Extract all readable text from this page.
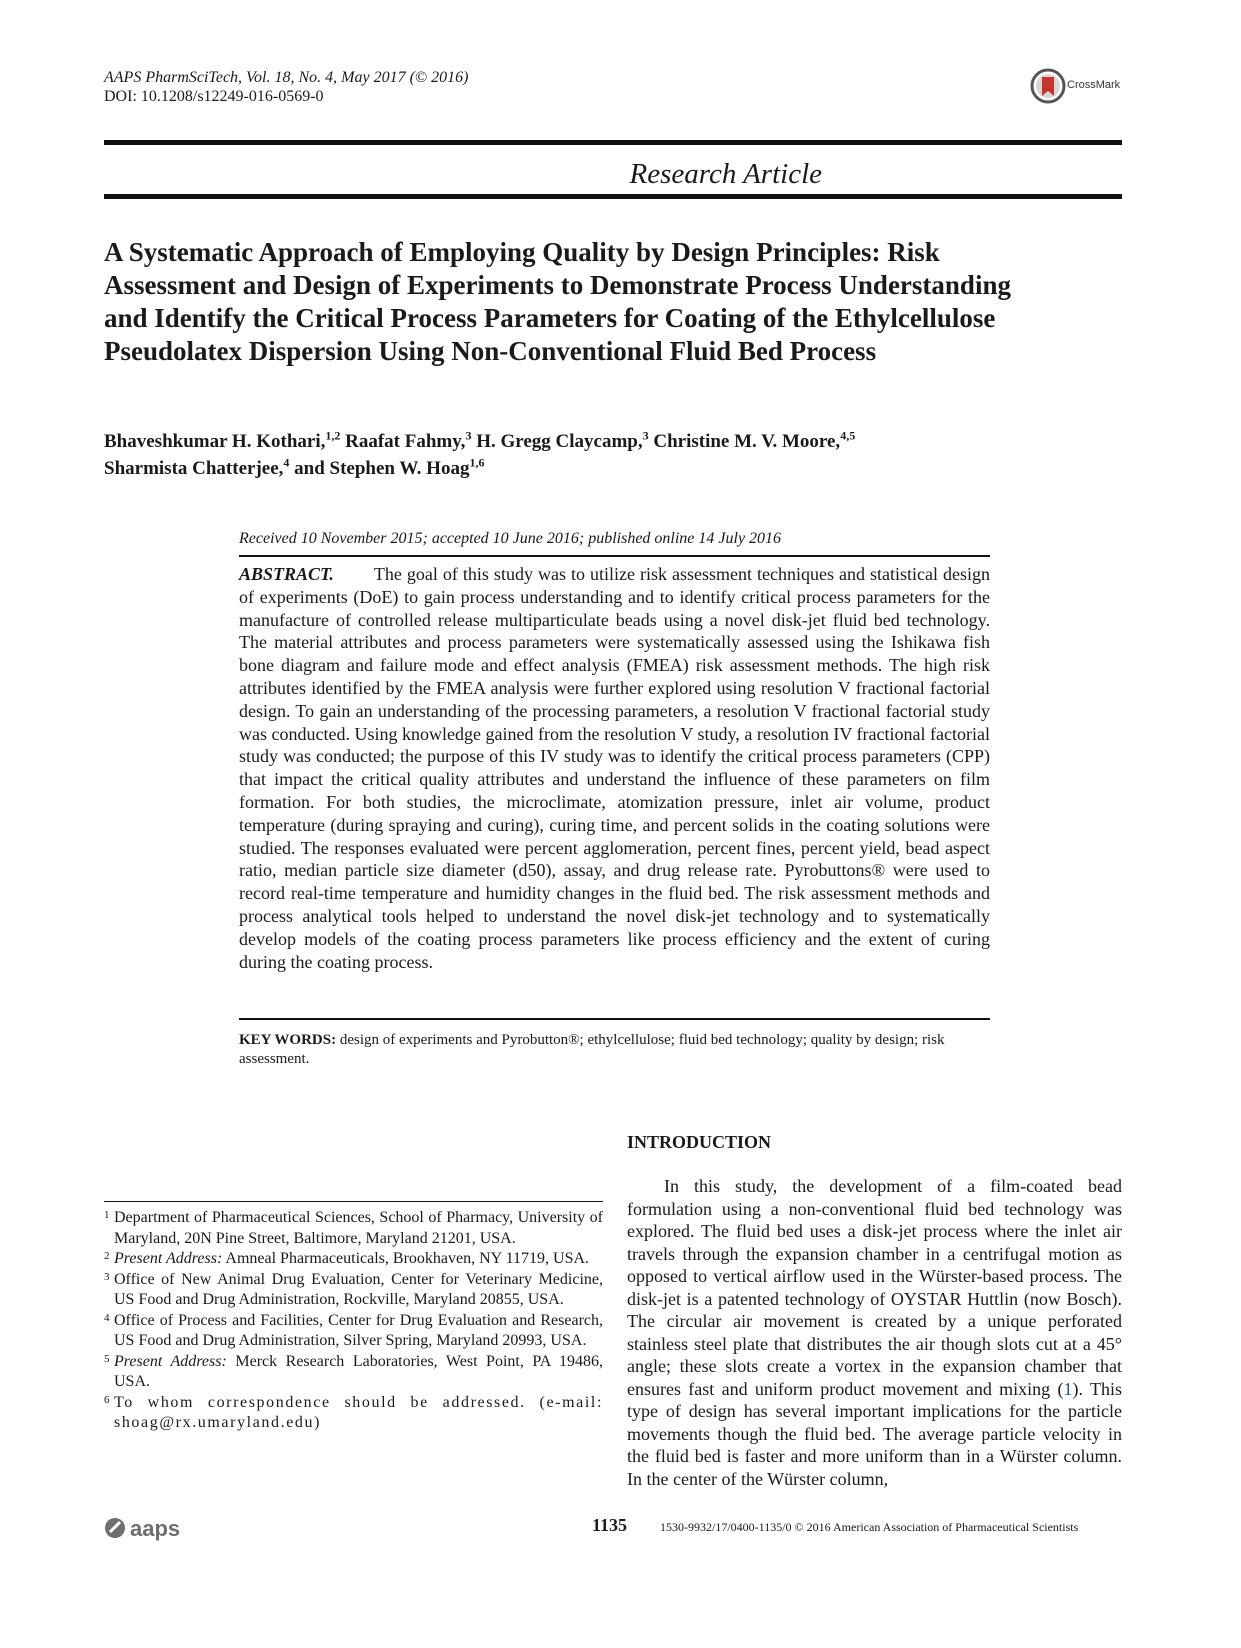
AAPS PharmSciTech, Vol. 18, No. 4, May 2017 (© 2016)
DOI: 10.1208/s12249-016-0569-0
CrossMark
Research Article
A Systematic Approach of Employing Quality by Design Principles: Risk
Assessment and Design of Experiments to Demonstrate Process Understanding
and Identify the Critical Process Parameters for Coating of the Ethylcellulose
Pseudolatex Dispersion Using Non-Conventional Fluid Bed Process
Bhaveshkumar H. Kothari,$^{1,2}$ Raafat Fahmy,$^3$ H. Gregg Claycamp,$^3$ Christine M. V. Moore,$^{4,5}$
Sharmista Chatterjee,$^4$ and Stephen W. Hoag$^{1,6}$
Received 10 November 2015; accepted 10 June 2016; published online 14 July 2016
ABSTRACT. The goal of this study was to utilize risk assessment techniques and statistical design of experiments (DoE) to gain process understanding and to identify critical process parameters for the manufacture of controlled release multiparticulate beads using a novel disk-jet fluid bed technology. The material attributes and process parameters were systematically assessed using the Ishikawa fish bone diagram and failure mode and effect analysis (FMEA) risk assessment methods. The high risk attributes identified by the FMEA analysis were further explored using resolution V fractional factorial design. To gain an understanding of the processing parameters, a resolution V fractional factorial study was conducted. Using knowledge gained from the resolution V study, a resolution IV fractional factorial study was conducted; the purpose of this IV study was to identify the critical process parameters (CPP) that impact the critical quality attributes and understand the influence of these parameters on film formation. For both studies, the microclimate, atomization pressure, inlet air volume, product temperature (during spraying and curing), curing time, and percent solids in the coating solutions were studied. The responses evaluated were percent agglomeration, percent fines, percent yield, bead aspect ratio, median particle size diameter (d50), assay, and drug release rate. Pyrobuttons® were used to record real-time temperature and humidity changes in the fluid bed. The risk assessment methods and process analytical tools helped to understand the novel disk-jet technology and to systematically develop models of the coating process parameters like process efficiency and the extent of curing during the coating process.
KEY WORDS: design of experiments and Pyrobutton®; ethylcellulose; fluid bed technology; quality by design; risk assessment.
INTRODUCTION

In this study, the development of a film-coated bead formulation using a non-conventional fluid bed technology was explored. The fluid bed uses a disk-jet process where the inlet air travels through the expansion chamber in a centrifugal motion as opposed to vertical airflow used in the Würster-based process. The disk-jet is a patented technology of OYSTAR Huttlin (now Bosch). The circular air movement is created by a unique perforated stainless steel plate that distributes the air though slots cut at a 45° angle; these slots create a vortex in the expansion chamber that ensures fast and uniform product movement and mixing (1). This type of design has several important implications for the particle movements though the fluid bed. The average particle velocity in the fluid bed is faster and more uniform than in a Würster column. In the center of the Würster column,

1 Department of Pharmaceutical Sciences, School of Pharmacy, University of Maryland, 20N Pine Street, Baltimore, Maryland 21201, USA.

2 Present Address: Amneal Pharmaceuticals, Brookhaven, NY 11719, USA.

3 Office of New Animal Drug Evaluation, Center for Veterinary Medicine, US Food and Drug Administration, Rockville, Maryland 20855, USA.

4 Office of Process and Facilities, Center for Drug Evaluation and Research, US Food and Drug Administration, Silver Spring, Maryland 20993, USA.

5 Present Address: Merck Research Laboratories, West Point, PA 19486, USA.

6 To whom correspondence should be addressed. (e-mail: shoag@rx.umaryland.edu)

aaps	1135	1530-9932/17/0400-1135/0 © 2016 American Association of Pharmaceutical Scientists
